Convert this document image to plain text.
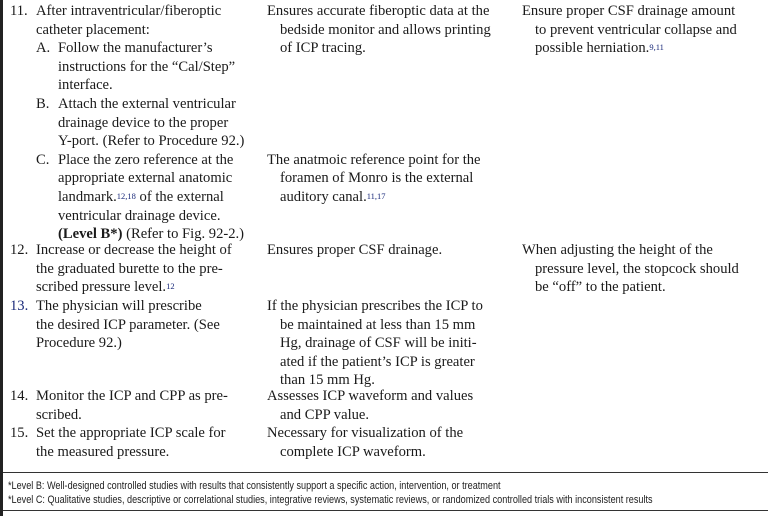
11. After intraventricular/fiberoptic
catheter placement:
A. Follow the manufacturer’s
instructions for the “Cal/Step”
interface.
B. Attach the external ventricular
drainage device to the proper
Y-port. (Refer to Procedure 92.)
C. Place the zero reference at the
appropriate external anatomic
landmark.$^{12,18}$ of the external
ventricular drainage device.
(Level B*) (Refer to Fig. 92-2.)
Ensures accurate fiberoptic data at the
bedside monitor and allows printing
of ICP tracing.
The anatmoic reference point for the
foramen of Monro is the external
auditory canal.$^{11,17}$
Ensure proper CSF drainage amount
to prevent ventricular collapse and
possible herniation.$^{9,11}$
12. Increase or decrease the height of
the graduated burette to the pre-
scribed pressure level.$^{12}$
Ensures proper CSF drainage.	When adjusting the height of the
pressure level, the stopcock should
be “off” to the patient.
13. The physician will prescribe
the desired ICP parameter. (See
Procedure 92.)
If the physician prescribes the ICP to
be maintained at less than 15 mm
Hg, drainage of CSF will be initi-
ated if the patient’s ICP is greater
than 15 mm Hg.
14. Monitor the ICP and CPP as pre-
scribed.
Assesses ICP waveform and values
and CPP value.
15. Set the appropriate ICP scale for
the measured pressure.
Necessary for visualization of the
complete ICP waveform.
*Level B: Well-designed controlled studies with results that consistently support a specific action, intervention, or treatment
*Level C: Qualitative studies, descriptive or correlational studies, integrative reviews, systematic reviews, or randomized controlled trials with inconsistent results
